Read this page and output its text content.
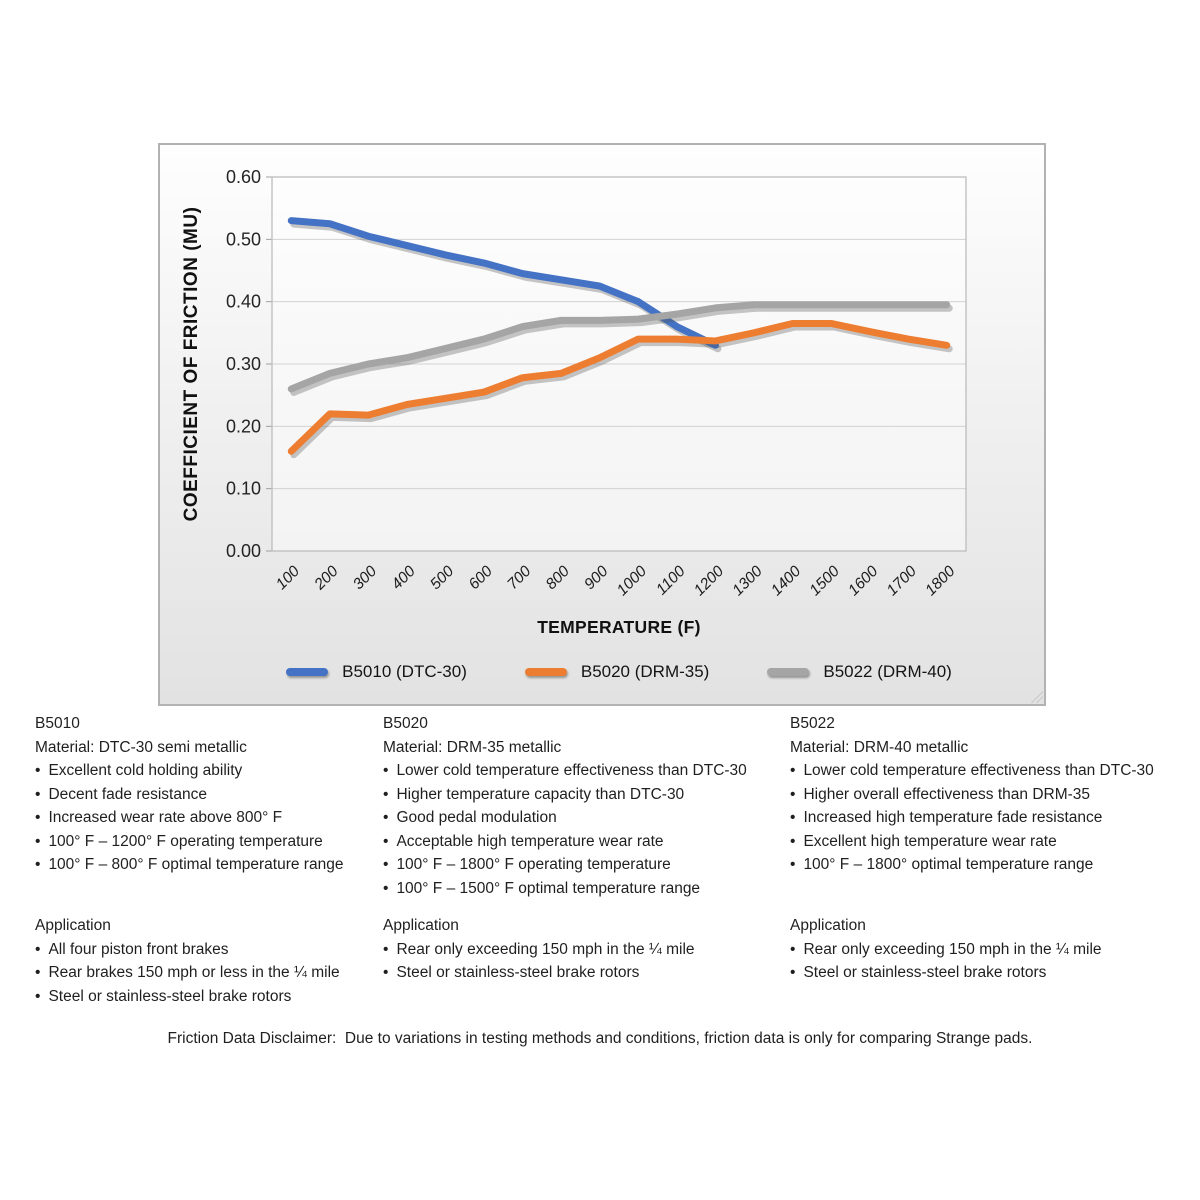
0.00
0.10
0.20
0.30
0.40
0.50
0.60
100 200 300 400 500 600 700 800 900 1000 1100 1200 1300 1400 1500 1600 1700 1800
COEFFICIENT OF FRICTION (MU)
TEMPERATURE (F)
B5010 (DTC-30)	B5020 (DRM-35)	B5022 (DRM-40)
B5010
Material: DTC-30 semi metallic
• Excellent cold holding ability
• Decent fade resistance
• Increased wear rate above 800° F
• 100° F – 1200° F operating temperature
• 100° F – 800° F optimal temperature range
B5020
Material: DRM-35 metallic
• Lower cold temperature effectiveness than DTC-30
• Higher temperature capacity than DTC-30
• Good pedal modulation
• Acceptable high temperature wear rate
• 100° F – 1800° F operating temperature
• 100° F – 1500° F optimal temperature range
B5022
Material: DRM-40 metallic
• Lower cold temperature effectiveness than DTC-30
• Higher overall effectiveness than DRM-35
• Increased high temperature fade resistance
• Excellent high temperature wear rate
• 100° F – 1800° optimal temperature range
Application
• All four piston front brakes
• Rear brakes 150 mph or less in the ¼ mile
• Steel or stainless-steel brake rotors
Application
• Rear only exceeding 150 mph in the ¼ mile
• Steel or stainless-steel brake rotors
Application
• Rear only exceeding 150 mph in the ¼ mile
• Steel or stainless-steel brake rotors
Friction Data Disclaimer:  Due to variations in testing methods and conditions, friction data is only for comparing Strange pads.
